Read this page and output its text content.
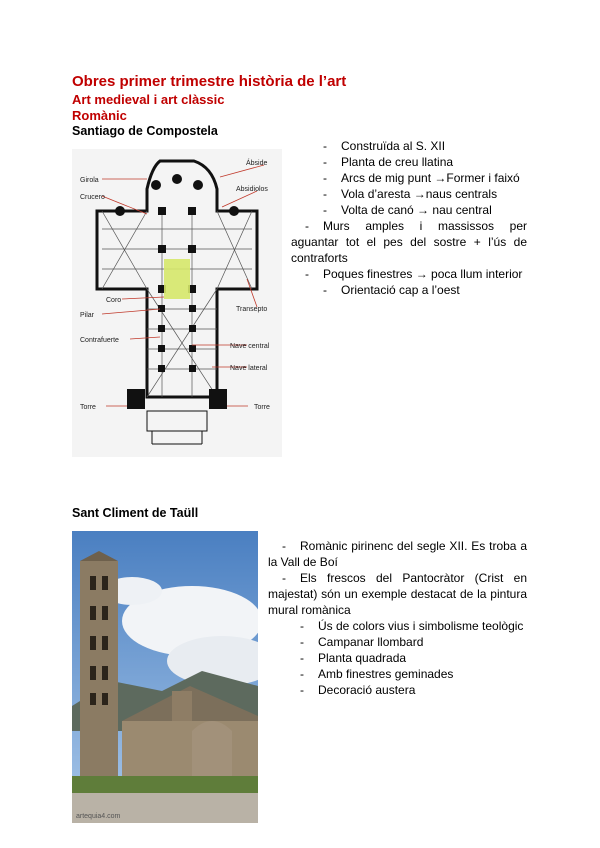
Obres primer trimestre història de l’art
Art medieval i art clàssic
Romànic
Santiago de Compostela
Ábside
Absidiolos
Girola
Crucero
Coro
Transepto
Pilar
Contrafuerte
Nave central
Nave lateral
Torre	Torre
- Construïda al S. XII
- Planta de creu llatina
- Arcs de mig punt →Former i faixó
- Vola d’aresta →naus centrals
- Volta de canó → nau central
- Murs amples i massissos per aguantar tot el pes del sostre + l’ús de contraforts
- Poques finestres → poca llum interior
- Orientació cap a l’oest
Sant Climent de Taüll
artequia4.com
- Romànic pirinenc del segle XII. Es troba a la Vall de Boí
- Els frescos del Pantocràtor (Crist en majestat) són un exemple destacat de la pintura mural romànica
- Ús de colors vius i simbolisme teològic
- Campanar llombard
- Planta quadrada
- Amb finestres geminades
- Decoració austera
